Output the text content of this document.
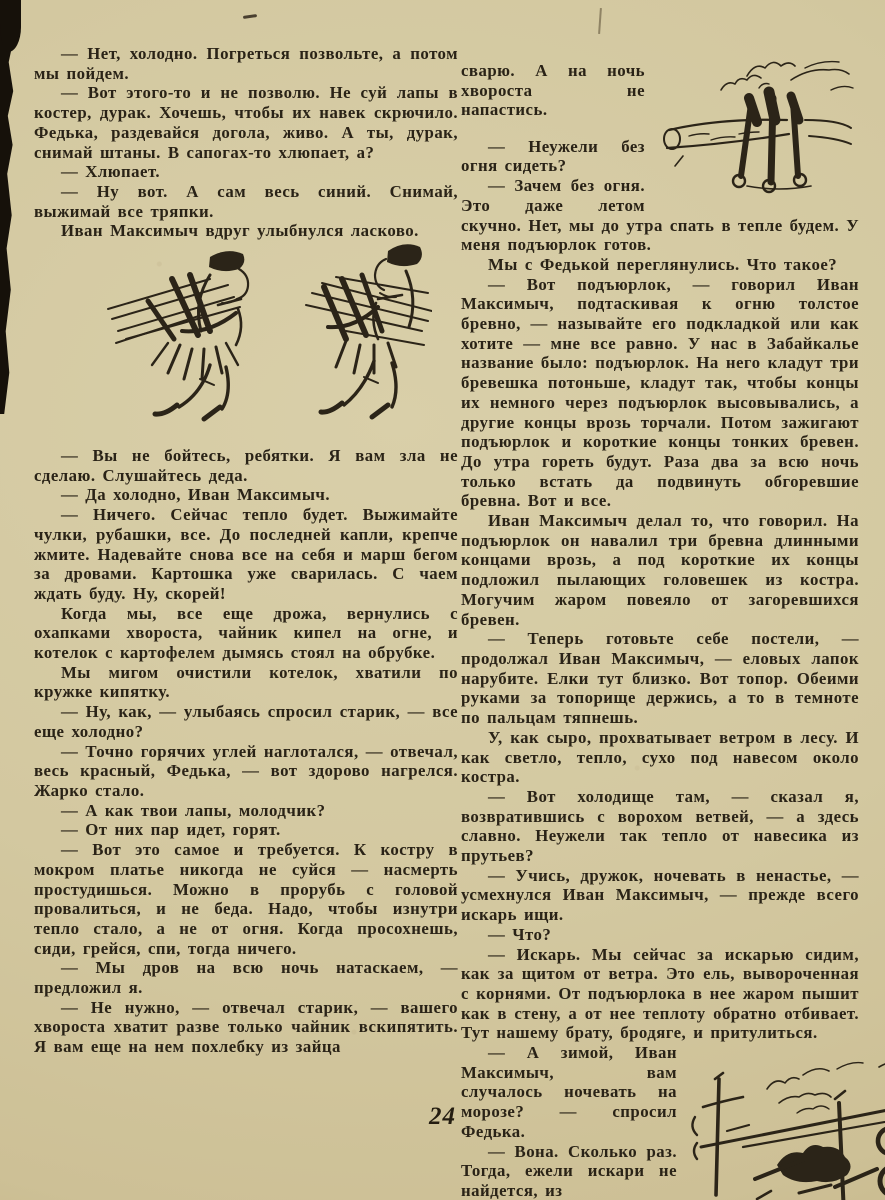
— Нет, холодно. Погреться позвольте, а потом мы пойдем.

— Вот этого-то и не позволю. Не суй лапы в костер, дурак. Хочешь, чтобы их навек скрючило. Федька, раздевайся догола, живо. А ты, дурак, снимай штаны. В сапогах-то хлюпает, а?

— Хлюпает.

— Ну вот. А сам весь синий. Снимай, выжимай все тряпки.

Иван Максимыч вдруг улыбнулся ласково.

— Вы не бойтесь, ребятки. Я вам зла не сделаю. Слушайтесь деда.

— Да холодно, Иван Максимыч.

— Ничего. Сейчас тепло будет. Выжимайте чулки, рубашки, все. До последней капли, крепче жмите. Надевайте снова все на себя и марш бегом за дровами. Картошка уже сварилась. С чаем ждать буду. Ну, скорей!

Когда мы, все еще дрожа, вернулись с охапками хвороста, чайник кипел на огне, и котелок с картофелем дымясь стоял на обрубке.

Мы мигом очистили котелок, хватили по кружке кипятку.

— Ну, как, — улыбаясь спросил старик, — все еще холодно?

— Точно горячих углей наглотался, — отвечал, весь красный, Федька, — вот здорово нагрелся. Жарко стало.

— А как твои лапы, молодчик?

— От них пар идет, горят.

— Вот это самое и требуется. К костру в мокром платье никогда не суйся — насмерть простудишься. Можно в прорубь с головой провалиться, и не беда. Надо, чтобы изнутри тепло стало, а не от огня. Когда просохнешь, сиди, грейся, спи, тогда ничего.

— Мы дров на всю ночь натаскаем, — предложил я.

— Не нужно, — отвечал старик, — вашего хвороста хватит разве только чайник вскипятить. Я вам еще на нем похлебку из зайца

сварю. А на ночь хвороста не напастись.

— Неужели без огня сидеть?

— Зачем без огня. Это даже летом скучно. Нет, мы до утра спать в тепле будем. У меня подъюрлок готов.

Мы с Федькой переглянулись. Что такое?

— Вот подъюрлок, — говорил Иван Максимыч, подтаскивая к огню толстое бревно, — называйте его подкладкой или как хотите — мне все равно. У нас в Забайкалье название было: подъюрлок. На него кладут три бревешка потоньше, кладут так, чтобы концы их немного через подъюрлок высовывались, а другие концы врозь торчали. Потом зажигают подъюрлок и короткие концы тонких бревен. До утра гореть будут. Раза два за всю ночь только встать да подвинуть обгоревшие бревна. Вот и все.

Иван Максимыч делал то, что говорил. На подъюрлок он навалил три бревна длинными концами врозь, а под короткие их концы подложил пылающих головешек из костра. Могучим жаром повеяло от загоревшихся бревен.

— Теперь готовьте себе постели, — продолжал Иван Максимыч, — еловых лапок нарубите. Елки тут близко. Вот топор. Обеими руками за топорище держись, а то в темноте по пальцам тяпнешь.

У, как сыро, прохватывает ветром в лесу. И как светло, тепло, сухо под навесом около костра.

— Вот холодище там, — сказал я, возвратившись с ворохом ветвей, — а здесь славно. Неужели так тепло от навесика из прутьев?

— Учись, дружок, ночевать в ненастье, — усмехнулся Иван Максимыч, — прежде всего искарь ищи.

— Что?

— Искарь. Мы сейчас за искарью сидим, как за щитом от ветра. Это ель, вывороченная с корнями. От подъюрлока в нее жаром пышит как в стену, а от нее теплоту обратно отбивает. Тут нашему брату, бродяге, и притулиться.

— А зимой, Иван Максимыч, вам случалось ночевать на морозе? — спросил Федька.

— Вона. Сколько раз. Тогда, ежели искари не найдется, из

24
